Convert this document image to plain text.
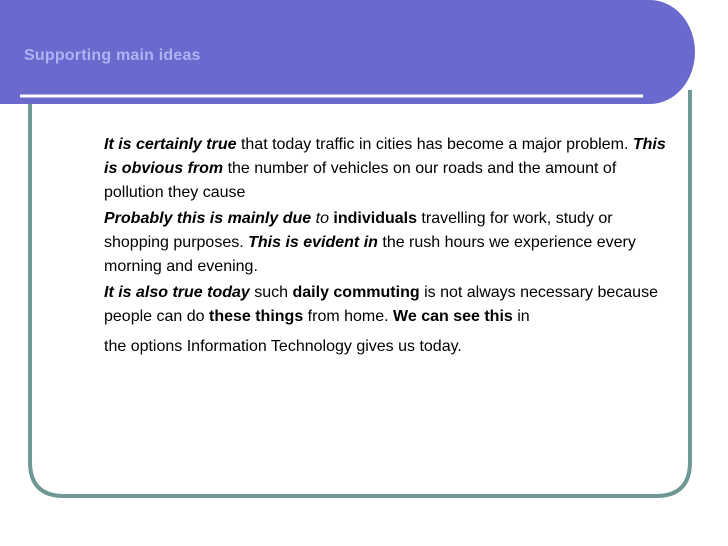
Supporting main ideas

It is certainly true that today traffic in cities has become a major problem. This is obvious from the number of vehicles on our roads and the amount of pollution they cause

Probably this is mainly due to individuals travelling for work, study or shopping purposes. This is evident in the rush hours we experience every morning and evening.

It is also true today such daily commuting is not always necessary because people can do these things from home. We can see this in
the options Information Technology gives us today.
